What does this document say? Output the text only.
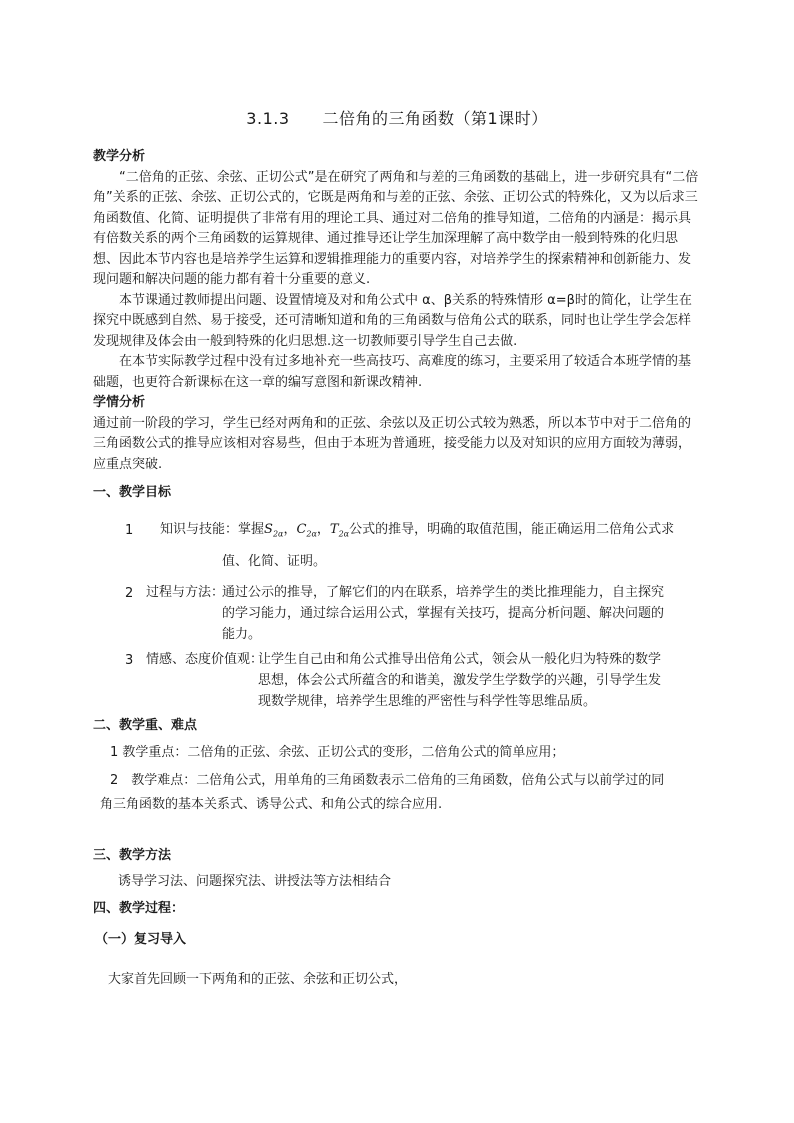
3.1.3　　二倍角的三角函数（第1课时）
教学分析

“二倍角的正弦、余弦、正切公式”是在研究了两角和与差的三角函数的基础上，进一步研究具有“二倍角”关系的正弦、余弦、正切公式的，它既是两角和与差的正弦、余弦、正切公式的特殊化，又为以后求三角函数值、化简、证明提供了非常有用的理论工具、通过对二倍角的推导知道，二倍角的内涵是：揭示具有倍数关系的两个三角函数的运算规律、通过推导还让学生加深理解了高中数学由一般到特殊的化归思想、因此本节内容也是培养学生运算和逻辑推理能力的重要内容，对培养学生的探索精神和创新能力、发现问题和解决问题的能力都有着十分重要的意义.

本节课通过教师提出问题、设置情境及对和角公式中 α、β关系的特殊情形 α=β时的简化，让学生在探究中既感到自然、易于接受，还可清晰知道和角的三角函数与倍角公式的联系，同时也让学生学会怎样发现规律及体会由一般到特殊的化归思想.这一切教师要引导学生自己去做.

在本节实际教学过程中没有过多地补充一些高技巧、高难度的练习，主要采用了较适合本班学情的基础题，也更符合新课标在这一章的编写意图和新课改精神.

学情分析

通过前一阶段的学习，学生已经对两角和的正弦、余弦以及正切公式较为熟悉，所以本节中对于二倍角的三角函数公式的推导应该相对容易些，但由于本班为普通班，接受能力以及对知识的应用方面较为薄弱，应重点突破.

一、教学目标
1 知识与技能：掌握$S_{2\alpha}$，$C_{2\alpha}$，$T_{2\alpha}$公式的推导，明确的取值范围，能正确运用二倍角公式求
值、化简、证明。
2 过程与方法：
通过公示的推导，了解它们的内在联系，培养学生的类比推理能力，自主探究
的学习能力，通过综合运用公式，掌握有关技巧，提高分析问题、解决问题的
能力。
3 情感、态度价值观：
让学生自己由和角公式推导出倍角公式，领会从一般化归为特殊的数学
思想，体会公式所蕴含的和谐美，激发学生学数学的兴趣，引导学生发
现数学规律，培养学生思维的严密性与科学性等思维品质。
二、教学重、难点
1 教学重点：二倍角的正弦、余弦、正切公式的变形，二倍角公式的简单应用；
2　教学难点：二倍角公式，用单角的三角函数表示二倍角的三角函数，倍角公式与以前学过的同
角三角函数的基本关系式、诱导公式、和角公式的综合应用.
三、教学方法
诱导学习法、问题探究法、讲授法等方法相结合
四、教学过程：
（一）复习导入
大家首先回顾一下两角和的正弦、余弦和正切公式，
